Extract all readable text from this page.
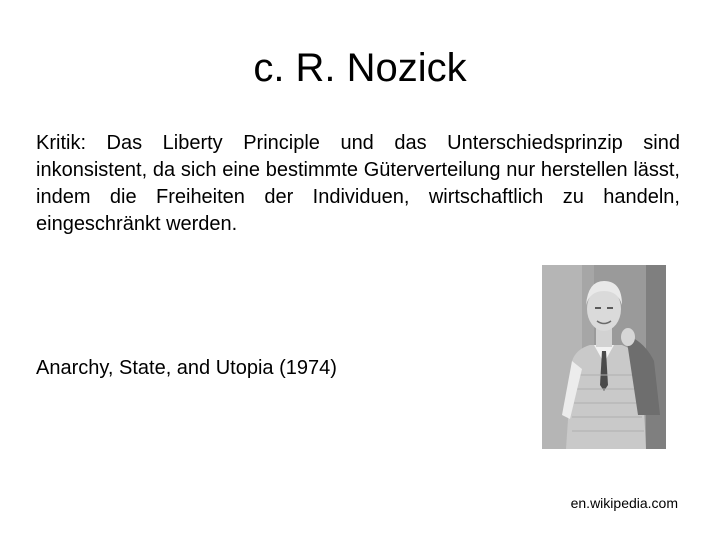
c. R. Nozick

Kritik: Das Liberty Principle und das Unterschiedsprinzip sind inkonsistent, da sich eine bestimmte Güterverteilung nur herstellen lässt, indem die Freiheiten der Individuen, wirtschaftlich zu handeln, eingeschränkt werden.

Anarchy, State, and Utopia (1974)

en.wikipedia.com
